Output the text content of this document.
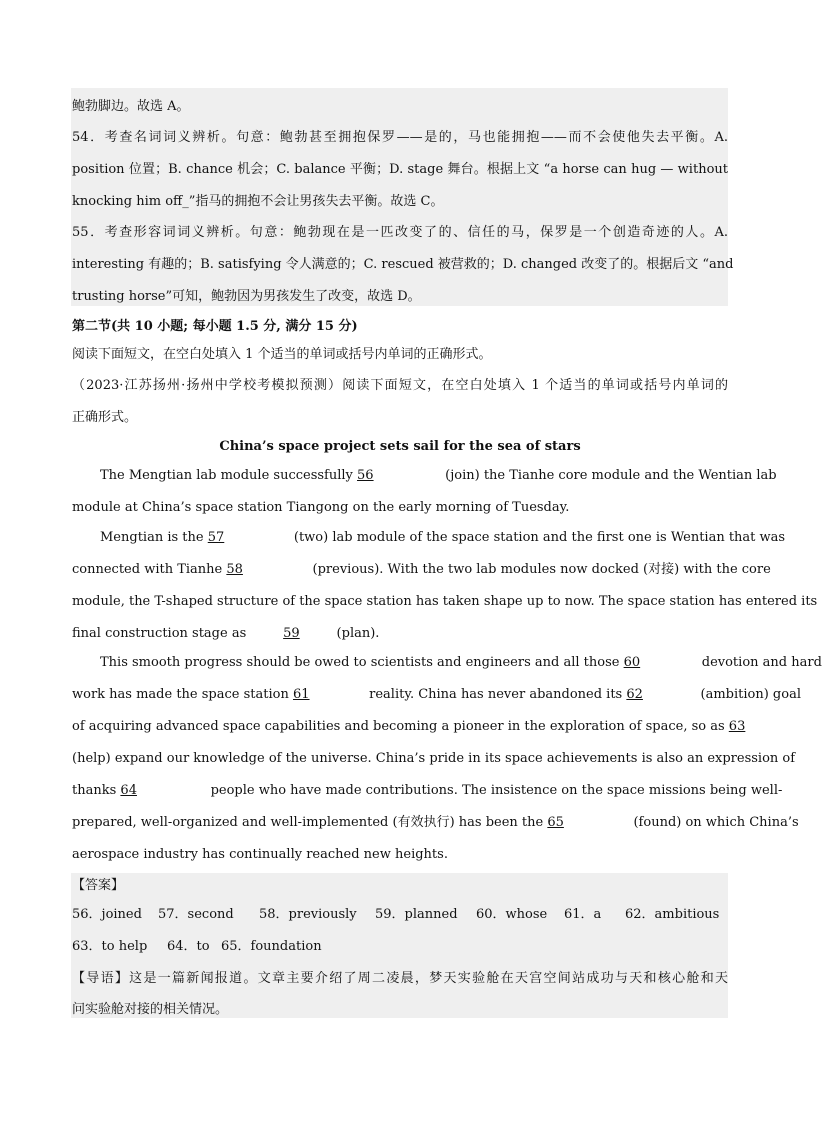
鲍勃脚边。故选 A。
54．考查名词词义辨析。句意：鲍勃甚至拥抱保罗——是的，马也能拥抱——而不会使他失去平衡。A.
position 位置；B. chance 机会；C. balance 平衡；D. stage 舞台。根据上文 “a horse can hug — without
knocking him off_”指马的拥抱不会让男孩失去平衡。故选 C。
55．考查形容词词义辨析。句意：鲍勃现在是一匹改变了的、信任的马，保罗是一个创造奇迹的人。A.
interesting 有趣的；B. satisfying 令人满意的；C. rescued 被营救的；D. changed 改变了的。根据后文 “and
trusting horse”可知，鲍勃因为男孩发生了改变，故选 D。
第二节(共 10 小题; 每小题 1.5 分, 满分 15 分)
阅读下面短文，在空白处填入 1 个适当的单词或括号内单词的正确形式。
（2023·江苏扬州·扬州中学校考模拟预测）阅读下面短文，在空白处填入 1 个适当的单词或括号内单词的
正确形式。
China’s space project sets sail for the sea of stars
The Mengtian lab module successfully 56	(join) the Tianhe core module and the Wentian lab
module at China’s space station Tiangong on the early morning of Tuesday.
Mengtian is the 57	(two) lab module of the space station and the first one is Wentian that was
connected with Tianhe 58	(previous). With the two lab modules now docked (对接) with the core
module, the T-shaped structure of the space station has taken shape up to now. The space station has entered its
final construction stage as	59	(plan).
This smooth progress should be owed to scientists and engineers and all those 60	devotion and hard
work has made the space station 61	reality. China has never abandoned its 62	(ambition) goal
of acquiring advanced space capabilities and becoming a pioneer in the exploration of space, so as 63
(help) expand our knowledge of the universe. China’s pride in its space achievements is also an expression of
thanks 64	people who have made contributions. The insistence on the space missions being well-
prepared, well-organized and well-implemented (有效执行) has been the 65	(found) on which China’s
aerospace industry has continually reached new heights.
【答案】
56．joined 57．second 58．previously 59．planned 60．whose 61．a 62．ambitious
63．to help 64．to 65．foundation
【导语】这是一篇新闻报道。文章主要介绍了周二凌晨，梦天实验舱在天宫空间站成功与天和核心舱和天
问实验舱对接的相关情况。
